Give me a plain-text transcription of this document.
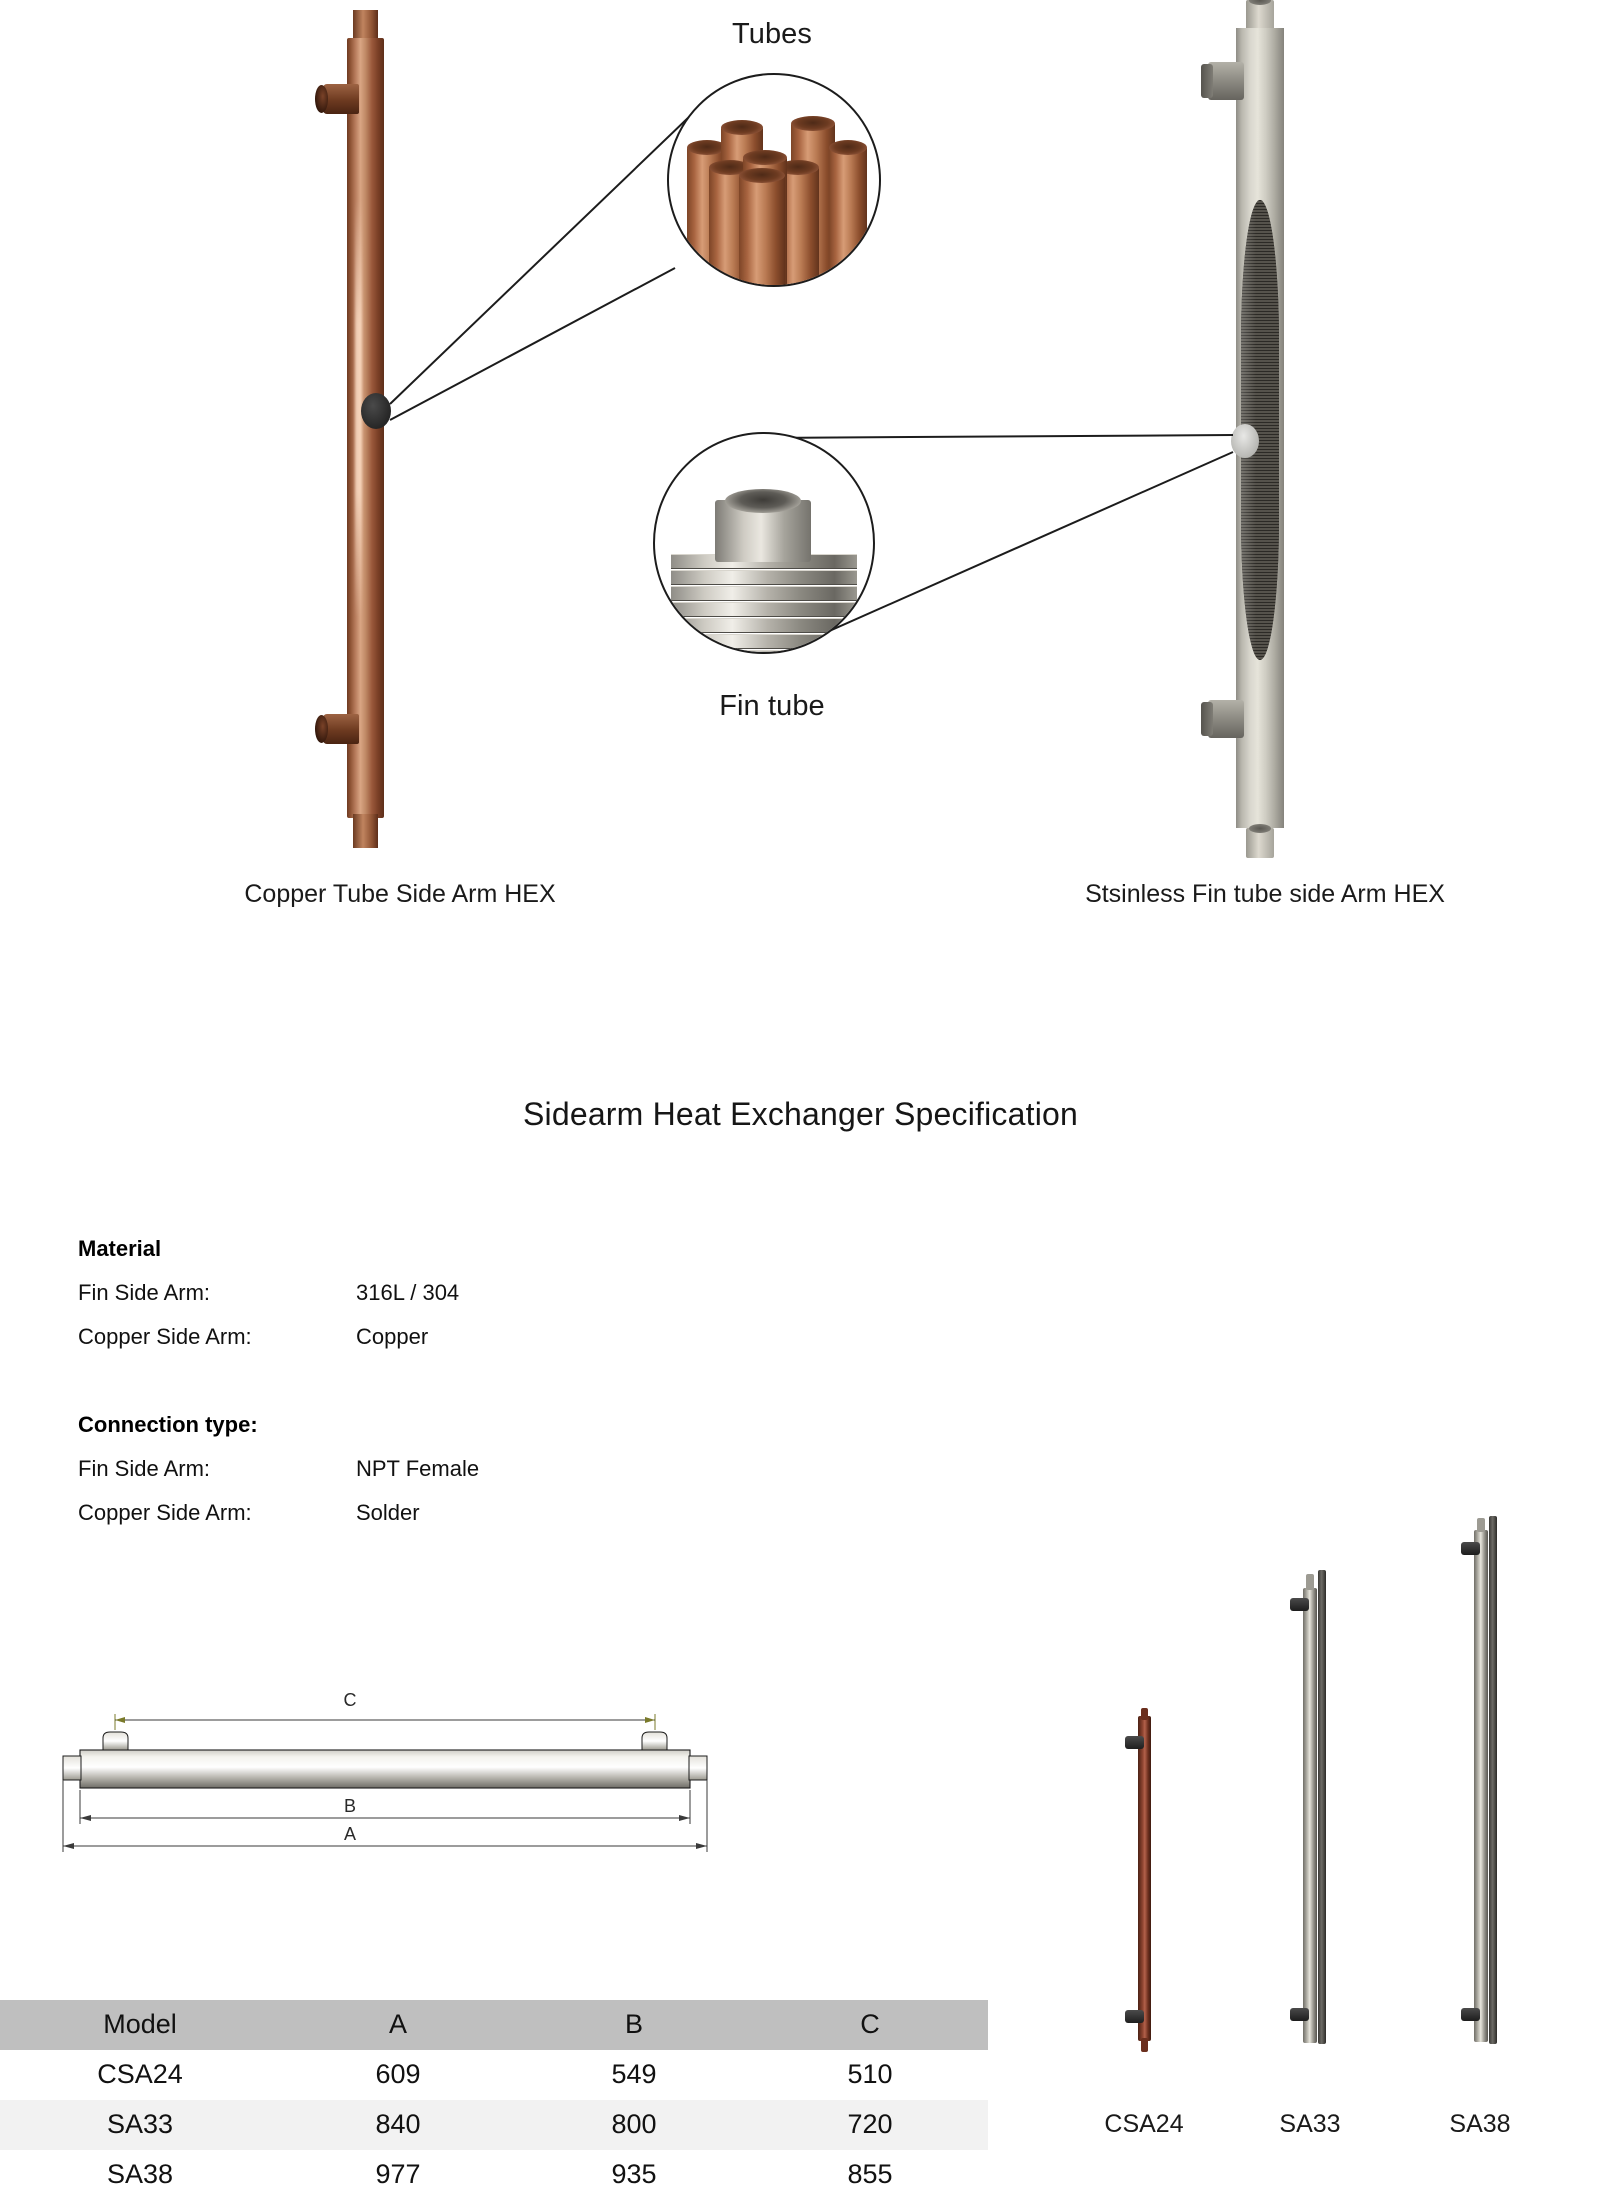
Tubes
Fin tube
Copper Tube Side Arm HEX	Stsinless Fin tube side Arm HEX
Sidearm Heat Exchanger Specification
Material
Fin Side Arm:	316L / 304
Copper Side Arm:	Copper
Connection type:
Fin Side Arm:	NPT Female
Copper Side Arm:	Solder
C
B
A
CSA24	SA33	SA38
Model	A	B	C
CSA24	609	549	510
SA33	840	800	720
SA38	977	935	855
